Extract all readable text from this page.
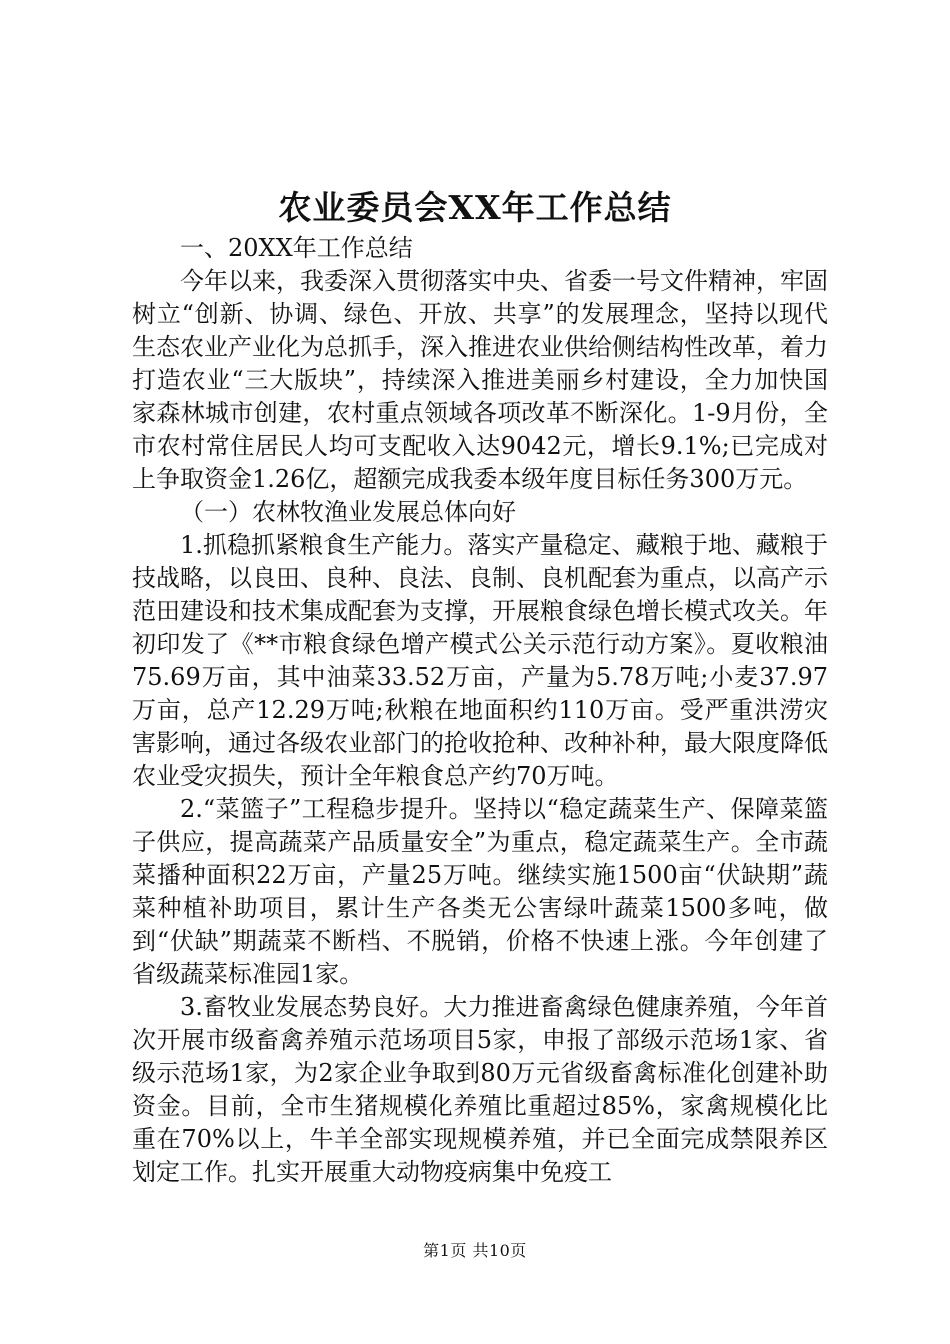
农业委员会XX年工作总结

一、20XX年工作总结

今年以来，我委深入贯彻落实中央、省委一号文件精神，牢固树立“创新、协调、绿色、开放、共享”的发展理念，坚持以现代生态农业产业化为总抓手，深入推进农业供给侧结构性改革，着力打造农业“三大版块”，持续深入推进美丽乡村建设，全力加快国家森林城市创建，农村重点领域各项改革不断深化。1-9月份，全市农村常住居民人均可支配收入达9042元，增长9.1%;已完成对上争取资金1.26亿，超额完成我委本级年度目标任务300万元。

（一）农林牧渔业发展总体向好

1.抓稳抓紧粮食生产能力。落实产量稳定、藏粮于地、藏粮于技战略，以良田、良种、良法、良制、良机配套为重点，以高产示范田建设和技术集成配套为支撑，开展粮食绿色增长模式攻关。年初印发了《**市粮食绿色增产模式公关示范行动方案》。夏收粮油75.69万亩，其中油菜33.52万亩，产量为5.78万吨;小麦37.97万亩，总产12.29万吨;秋粮在地面积约110万亩。受严重洪涝灾害影响，通过各级农业部门的抢收抢种、改种补种，最大限度降低农业受灾损失，预计全年粮食总产约70万吨。

2.“菜篮子”工程稳步提升。坚持以“稳定蔬菜生产、保障菜篮子供应，提高蔬菜产品质量安全”为重点，稳定蔬菜生产。全市蔬菜播种面积22万亩，产量25万吨。继续实施1500亩“伏缺期”蔬菜种植补助项目，累计生产各类无公害绿叶蔬菜1500多吨，做到“伏缺”期蔬菜不断档、不脱销，价格不快速上涨。今年创建了省级蔬菜标准园1家。

3.畜牧业发展态势良好。大力推进畜禽绿色健康养殖，今年首次开展市级畜禽养殖示范场项目5家，申报了部级示范场1家、省级示范场1家，为2家企业争取到80万元省级畜禽标准化创建补助资金。目前，全市生猪规模化养殖比重超过85%，家禽规模化比重在70%以上，牛羊全部实现规模养殖，并已全面完成禁限养区划定工作。扎实开展重大动物疫病集中免疫工

第1页 共10页
